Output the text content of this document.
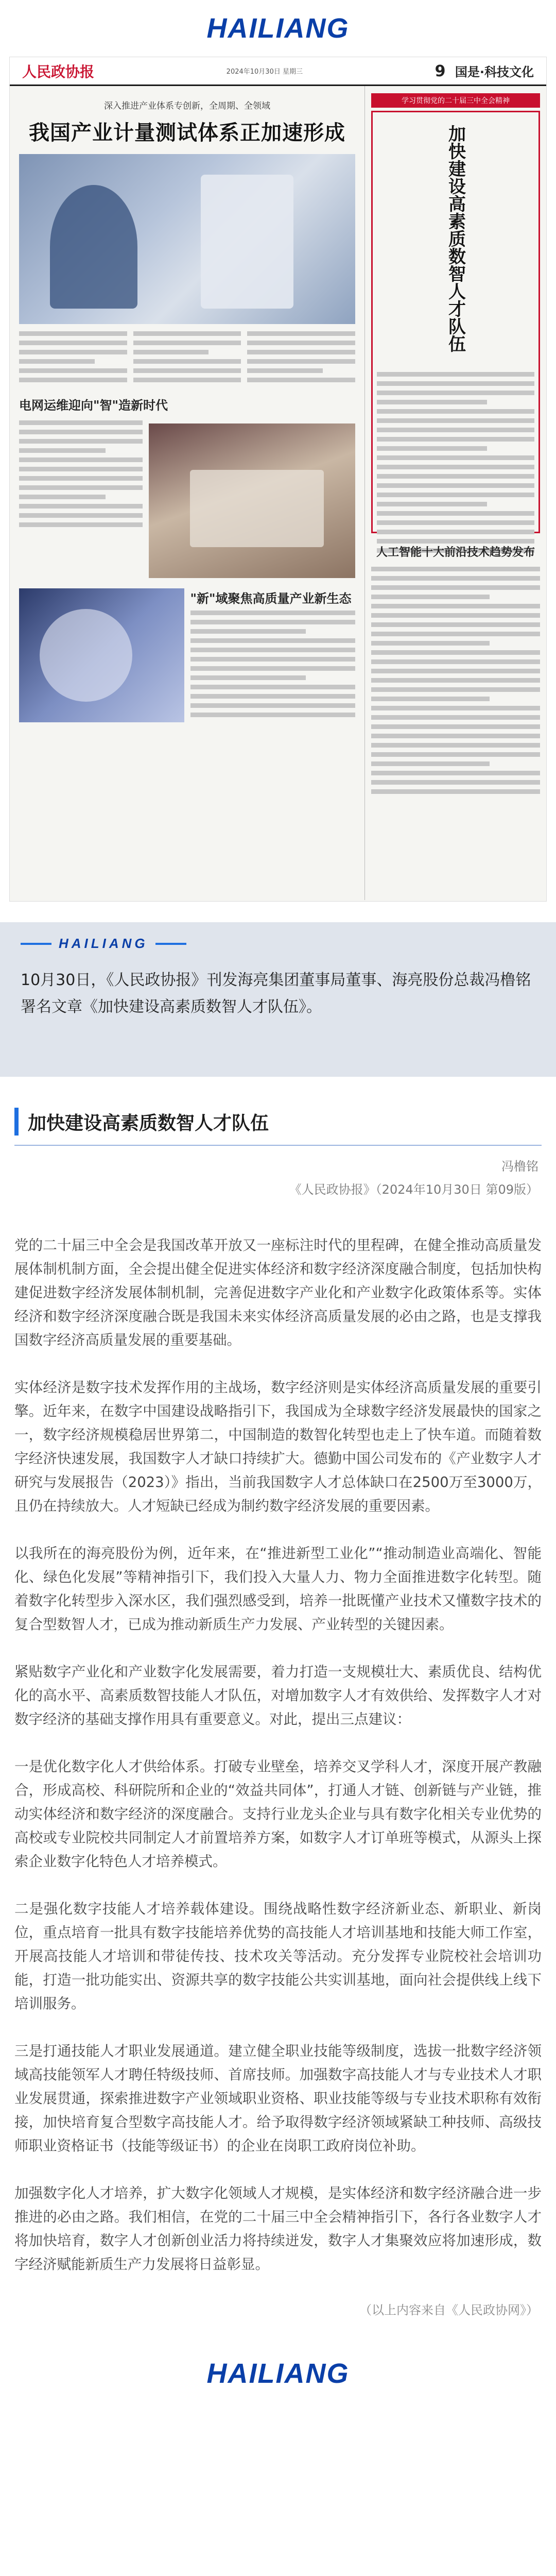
HAILIANG
人民政协报	2024年10月30日 星期三	9 国是·科技文化
深入推进产业体系专创新，全周期、全领域
我国产业计量测试体系正加速形成
电网运维迎向"智"造新时代
"新"域聚焦高质量产业新生态
学习贯彻党的二十届三中全会精神
加快建设高素质数智人才队伍
人工智能十大前沿技术趋势发布
HAILIANG
10月30日，《人民政协报》刊发海亮集团董事局董事、海亮股份总裁冯橹铭署名文章《加快建设高素质数智人才队伍》。
加快建设高素质数智人才队伍
冯橹铭
《人民政协报》（2024年10月30日 第09版）

党的二十届三中全会是我国改革开放又一座标注时代的里程碑，在健全推动高质量发展体制机制方面，全会提出健全促进实体经济和数字经济深度融合制度，包括加快构建促进数字经济发展体制机制，完善促进数字产业化和产业数字化政策体系等。实体经济和数字经济深度融合既是我国未来实体经济高质量发展的必由之路，也是支撑我国数字经济高质量发展的重要基础。

实体经济是数字技术发挥作用的主战场，数字经济则是实体经济高质量发展的重要引擎。近年来，在数字中国建设战略指引下，我国成为全球数字经济发展最快的国家之一，数字经济规模稳居世界第二，中国制造的数智化转型也走上了快车道。而随着数字经济快速发展，我国数字人才缺口持续扩大。德勤中国公司发布的《产业数字人才研究与发展报告（2023）》指出，当前我国数字人才总体缺口在2500万至3000万，且仍在持续放大。人才短缺已经成为制约数字经济发展的重要因素。

以我所在的海亮股份为例，近年来，在“推进新型工业化”“推动制造业高端化、智能化、绿色化发展”等精神指引下，我们投入大量人力、物力全面推进数字化转型。随着数字化转型步入深水区，我们强烈感受到，培养一批既懂产业技术又懂数字技术的复合型数智人才，已成为推动新质生产力发展、产业转型的关键因素。

紧贴数字产业化和产业数字化发展需要，着力打造一支规模壮大、素质优良、结构优化的高水平、高素质数智技能人才队伍，对增加数字人才有效供给、发挥数字人才对数字经济的基础支撑作用具有重要意义。对此，提出三点建议：

一是优化数字化人才供给体系。打破专业壁垒，培养交叉学科人才，深度开展产教融合，形成高校、科研院所和企业的“效益共同体”，打通人才链、创新链与产业链，推动实体经济和数字经济的深度融合。支持行业龙头企业与具有数字化相关专业优势的高校或专业院校共同制定人才前置培养方案，如数字人才订单班等模式，从源头上探索企业数字化特色人才培养模式。

二是强化数字技能人才培养载体建设。围绕战略性数字经济新业态、新职业、新岗位，重点培育一批具有数字技能培养优势的高技能人才培训基地和技能大师工作室，开展高技能人才培训和带徒传技、技术攻关等活动。充分发挥专业院校社会培训功能，打造一批功能实出、资源共享的数字技能公共实训基地，面向社会提供线上线下培训服务。

三是打通技能人才职业发展通道。建立健全职业技能等级制度，选拔一批数字经济领域高技能领军人才聘任特级技师、首席技师。加强数字高技能人才与专业技术人才职业发展贯通，探索推进数字产业领域职业资格、职业技能等级与专业技术职称有效衔接，加快培育复合型数字高技能人才。给予取得数字经济领域紧缺工种技师、高级技师职业资格证书（技能等级证书）的企业在岗职工政府岗位补助。

加强数字化人才培养，扩大数字化领域人才规模，是实体经济和数字经济融合进一步推进的必由之路。我们相信，在党的二十届三中全会精神指引下，各行各业数字人才将加快培育，数字人才创新创业活力将持续迸发，数字人才集聚效应将加速形成，数字经济赋能新质生产力发展将日益彰显。

（以上内容来自《人民政协网》）
HAILIANG
